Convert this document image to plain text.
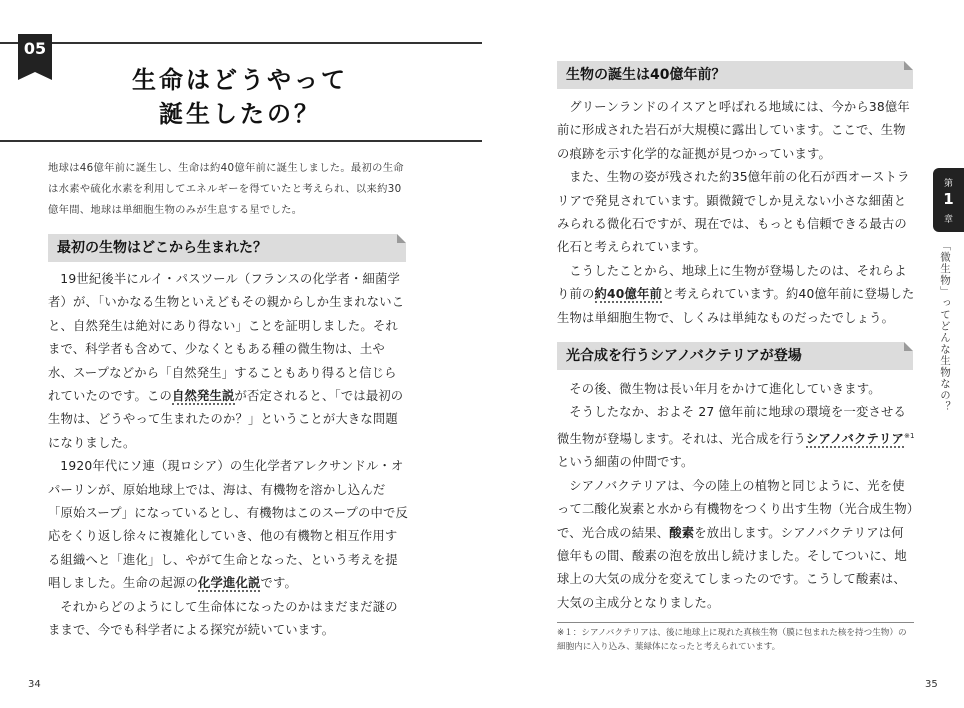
05
生命はどうやって
誕生したの？
地球は46億年前に誕生し、生命は約40億年前に誕生しました。最初の生命は水素や硫化水素を利用してエネルギーを得ていたと考えられ、以来約30億年間、地球は単細胞生物のみが生息する星でした。
最初の生物はどこから生まれた？

19世紀後半にルイ・パスツール（フランスの化学者・細菌学者）が、「いかなる生物といえどもその親からしか生まれないこと、自然発生は絶対にあり得ない」ことを証明しました。それまで、科学者も含めて、少なくともある種の微生物は、土や水、スープなどから「自然発生」することもあり得ると信じられていたのです。この自然発生説が否定されると、「では最初の生物は、どうやって生まれたのか？」ということが大きな問題になりました。

1920年代にソ連（現ロシア）の生化学者アレクサンドル・オパーリンが、原始地球上では、海は、有機物を溶かし込んだ「原始スープ」になっているとし、有機物はこのスープの中で反応をくり返し徐々に複雑化していき、他の有機物と相互作用する組織へと「進化」し、やがて生命となった、という考えを提唱しました。生命の起源の化学進化説です。

それからどのようにして生命体になったのかはまだまだ謎のままで、今でも科学者による探究が続いています。

34
生物の誕生は40億年前？

グリーンランドのイスアと呼ばれる地域には、今から38億年前に形成された岩石が大規模に露出しています。ここで、生物の痕跡を示す化学的な証拠が見つかっています。

また、生物の姿が残された約35億年前の化石が西オーストラリアで発見されています。顕微鏡でしか見えない小さな細菌とみられる微化石ですが、現在では、もっとも信頼できる最古の化石と考えられています。

こうしたことから、地球上に生物が登場したのは、それらより前の約40億年前と考えられています。約40億年前に登場した生物は単細胞生物で、しくみは単純なものだったでしょう。

光合成を行うシアノバクテリアが登場

その後、微生物は長い年月をかけて進化していきます。

そうしたなか、およそ 27 億年前に地球の環境を一変させる微生物が登場します。それは、光合成を行うシアノバクテリア$^{※1}$という細菌の仲間です。

シアノバクテリアは、今の陸上の植物と同じように、光を使って二酸化炭素と水から有機物をつくり出す生物（光合成生物）で、光合成の結果、酸素を放出します。シアノバクテリアは何億年もの間、酸素の泡を放出し続けました。そしてついに、地球上の大気の成分を変えてしまったのです。こうして酸素は、大気の主成分となりました。

※１：シアノバクテリアは、後に地球上に現れた真核生物（膜に包まれた核を持つ生物）の細胞内に入り込み、葉緑体になったと考えられています。
第
1
章
「微生物」ってどんな生物なの？
35
